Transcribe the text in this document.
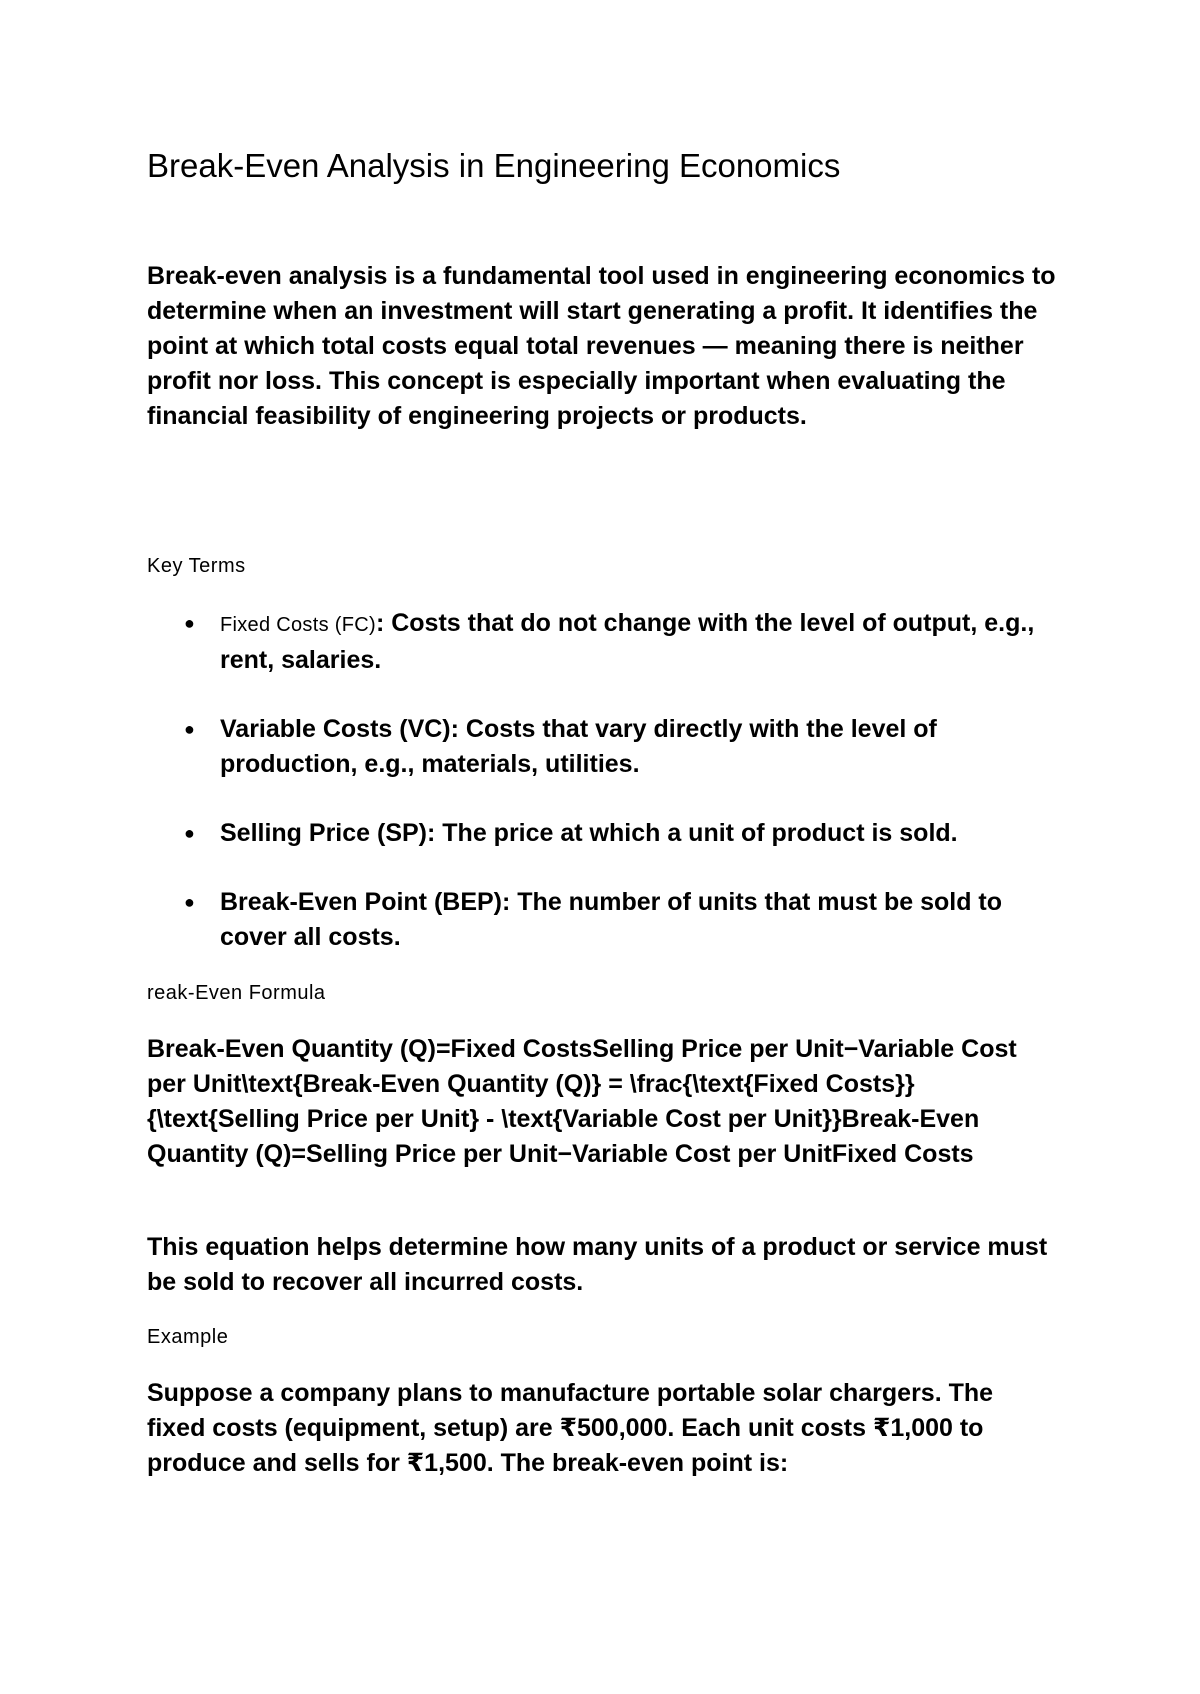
Break-Even Analysis in Engineering Economics

Break-even analysis is a fundamental tool used in engineering economics to determine when an investment will start generating a profit. It identifies the point at which total costs equal total revenues — meaning there is neither profit nor loss. This concept is especially important when evaluating the financial feasibility of engineering projects or products.

Key Terms

● Fixed Costs (FC): Costs that do not change with the level of output, e.g., rent, salaries.
● Variable Costs (VC): Costs that vary directly with the level of production, e.g., materials, utilities.
● Selling Price (SP): The price at which a unit of product is sold.
● Break-Even Point (BEP): The number of units that must be sold to cover all costs.

reak-Even Formula

Break-Even Quantity (Q)=Fixed CostsSelling Price per Unit−Variable Cost per Unit\text{Break-Even Quantity (Q)} = \frac{\text{Fixed Costs}}{\text{Selling Price per Unit} - \text{Variable Cost per Unit}}Break-Even Quantity (Q)=Selling Price per Unit−Variable Cost per UnitFixed Costs

This equation helps determine how many units of a product or service must be sold to recover all incurred costs.

Example

Suppose a company plans to manufacture portable solar chargers. The fixed costs (equipment, setup) are ₹500,000. Each unit costs ₹1,000 to produce and sells for ₹1,500. The break-even point is:
